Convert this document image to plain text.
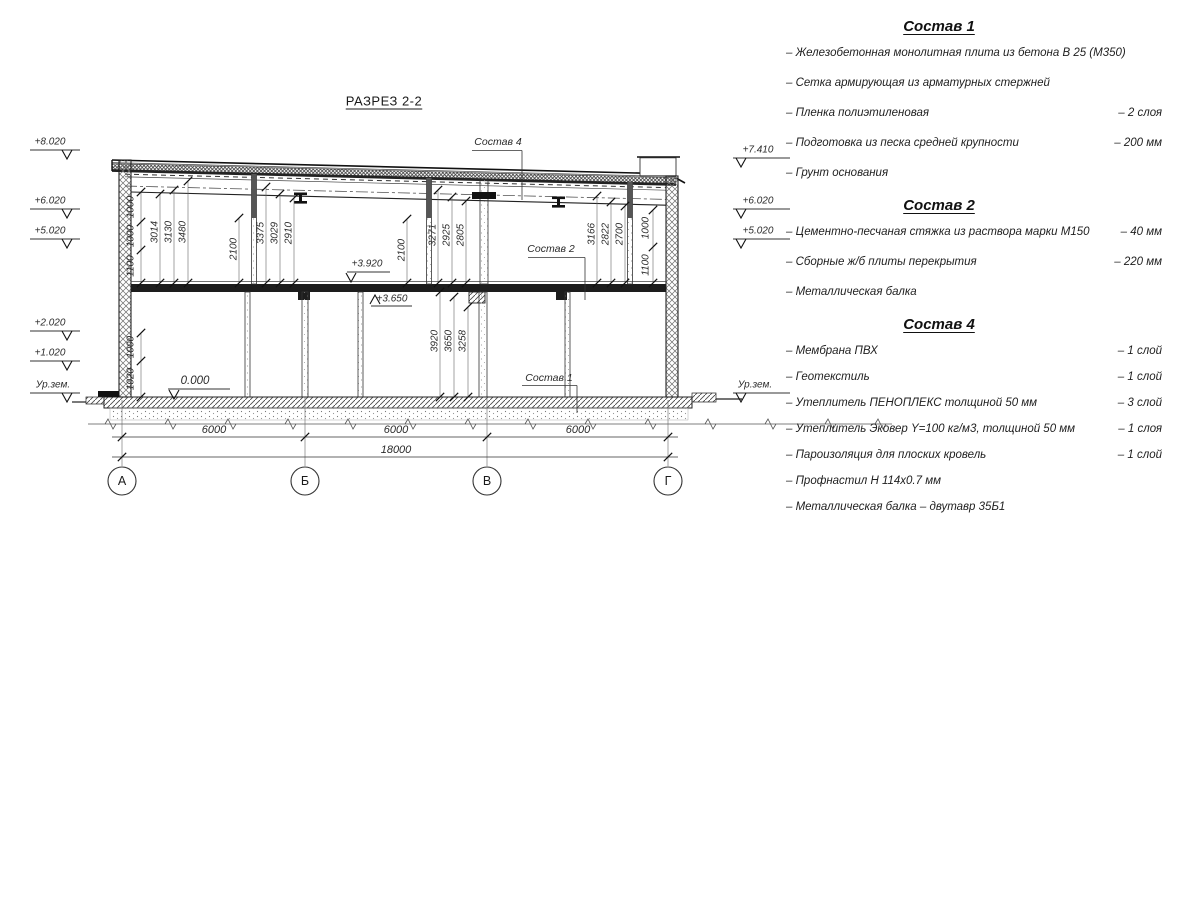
РАЗРЕЗ 2-2
+8.020
+6.020
+5.020
+2.020
+1.020
Ур.зем.
+7.410
+6.020
+5.020
Ур.зем.
0.000
+3.920
+3.650
Состав 4
Состав 2
Состав 1
1000
1000
1100
3014 3130 3480
2100
3375 3029 2910
2100
3271 2925 2805	3166 2822 2700 1000
1100
1000
1020
3920 3650 3258
6000	6000	6000
18000
А	Б	В	Г
Состав 1
– Железобетонная монолитная плита из бетона В 25 (М350)
– Сетка армирующая из арматурных стержней
– Пленка полиэтиленовая	– 2 слоя
– Подготовка из песка средней крупности	– 200 мм
– Грунт основания
Состав 2
– Цементно-песчаная стяжка из раствора марки М150	– 40 мм
– Сборные ж/б плиты перекрытия	– 220 мм
– Металлическая балка
Состав 4
– Мембрана ПВХ	– 1 слой
– Геотекстиль	– 1 слой
– Утеплитель ПЕНОПЛЕКС толщиной 50 мм	– 3 слой
– Утеплитель Эковер Y=100 кг/м3, толщиной 50 мм	– 1 слоя
– Пароизоляция для плоских кровель	– 1 слой
– Профнастил Н 114х0.7 мм
– Металлическая балка – двутавр 35Б1
